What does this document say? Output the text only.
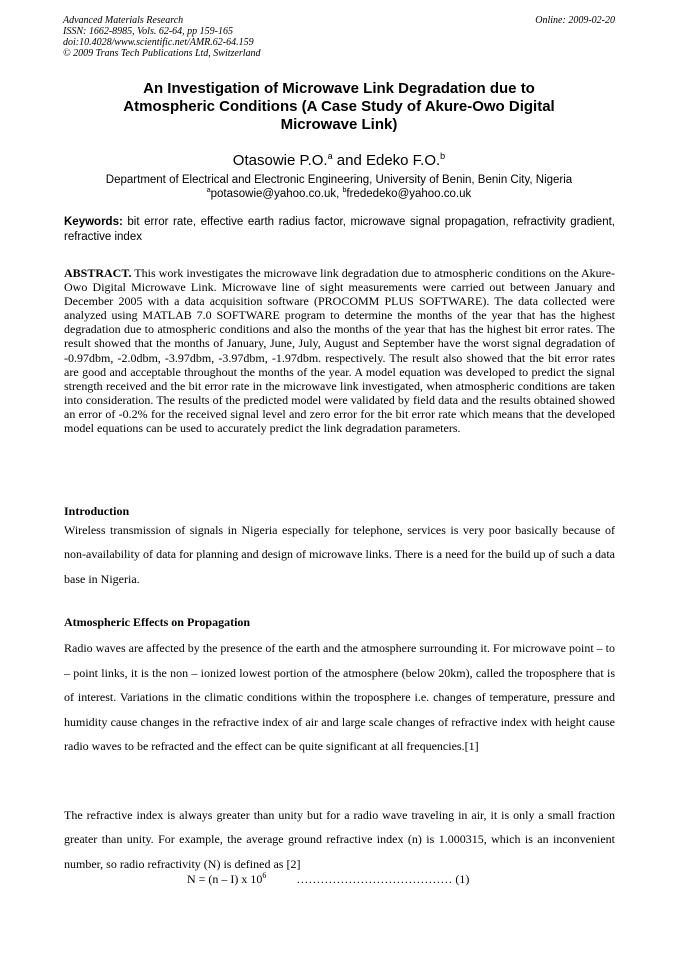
Advanced Materials Research
ISSN: 1662-8985, Vols. 62-64, pp 159-165
doi:10.4028/www.scientific.net/AMR.62-64.159
© 2009 Trans Tech Publications Ltd, Switzerland
Online: 2009-02-20
An Investigation of Microwave Link Degradation due to
Atmospheric Conditions (A Case Study of Akure-Owo Digital
Microwave Link)
Otasowie P.O.$^a$ and Edeko F.O.$^b$
Department of Electrical and Electronic Engineering, University of Benin, Benin City, Nigeria
$^a$potasowie@yahoo.co.uk, $^b$frededeko@yahoo.co.uk
Keywords: bit error rate, effective earth radius factor, microwave signal propagation, refractivity gradient, refractive index
ABSTRACT. This work investigates the microwave link degradation due to atmospheric conditions on the Akure-Owo Digital Microwave Link. Microwave line of sight measurements were carried out between January and December 2005 with a data acquisition software (PROCOMM PLUS SOFTWARE). The data collected were analyzed using MATLAB 7.0 SOFTWARE program to determine the months of the year that has the highest degradation due to atmospheric conditions and also the months of the year that has the highest bit error rates. The result showed that the months of January, June, July, August and September have the worst signal degradation of -0.97dbm, -2.0dbm, -3.97dbm, -3.97dbm, -1.97dbm. respectively. The result also showed that the bit error rates are good and acceptable throughout the months of the year. A model equation was developed to predict the signal strength received and the bit error rate in the microwave link investigated, when atmospheric conditions are taken into consideration. The results of the predicted model were validated by field data and the results obtained showed an error of -0.2% for the received signal level and zero error for the bit error rate which means that the developed model equations can be used to accurately predict the link degradation parameters.
Introduction
Wireless transmission of signals in Nigeria especially for telephone, services is very poor basically because of non-availability of data for planning and design of microwave links. There is a need for the build up of such a data base in Nigeria.
Atmospheric Effects on Propagation
Radio waves are affected by the presence of the earth and the atmosphere surrounding it. For microwave point – to – point links, it is the non – ionized lowest portion of the atmosphere (below 20km), called the troposphere that is of interest. Variations in the climatic conditions within the troposphere i.e. changes of temperature, pressure and humidity cause changes in the refractive index of air and large scale changes of refractive index with height cause radio waves to be refracted and the effect can be quite significant at all frequencies.[1]
The refractive index is always greater than unity but for a radio wave traveling in air, it is only a small fraction greater than unity. For example, the average ground refractive index (n) is 1.000315, which is an inconvenient number, so radio refractivity (N) is defined as [2]
N = (n – I) x $10^6$	………………………………… (1)
